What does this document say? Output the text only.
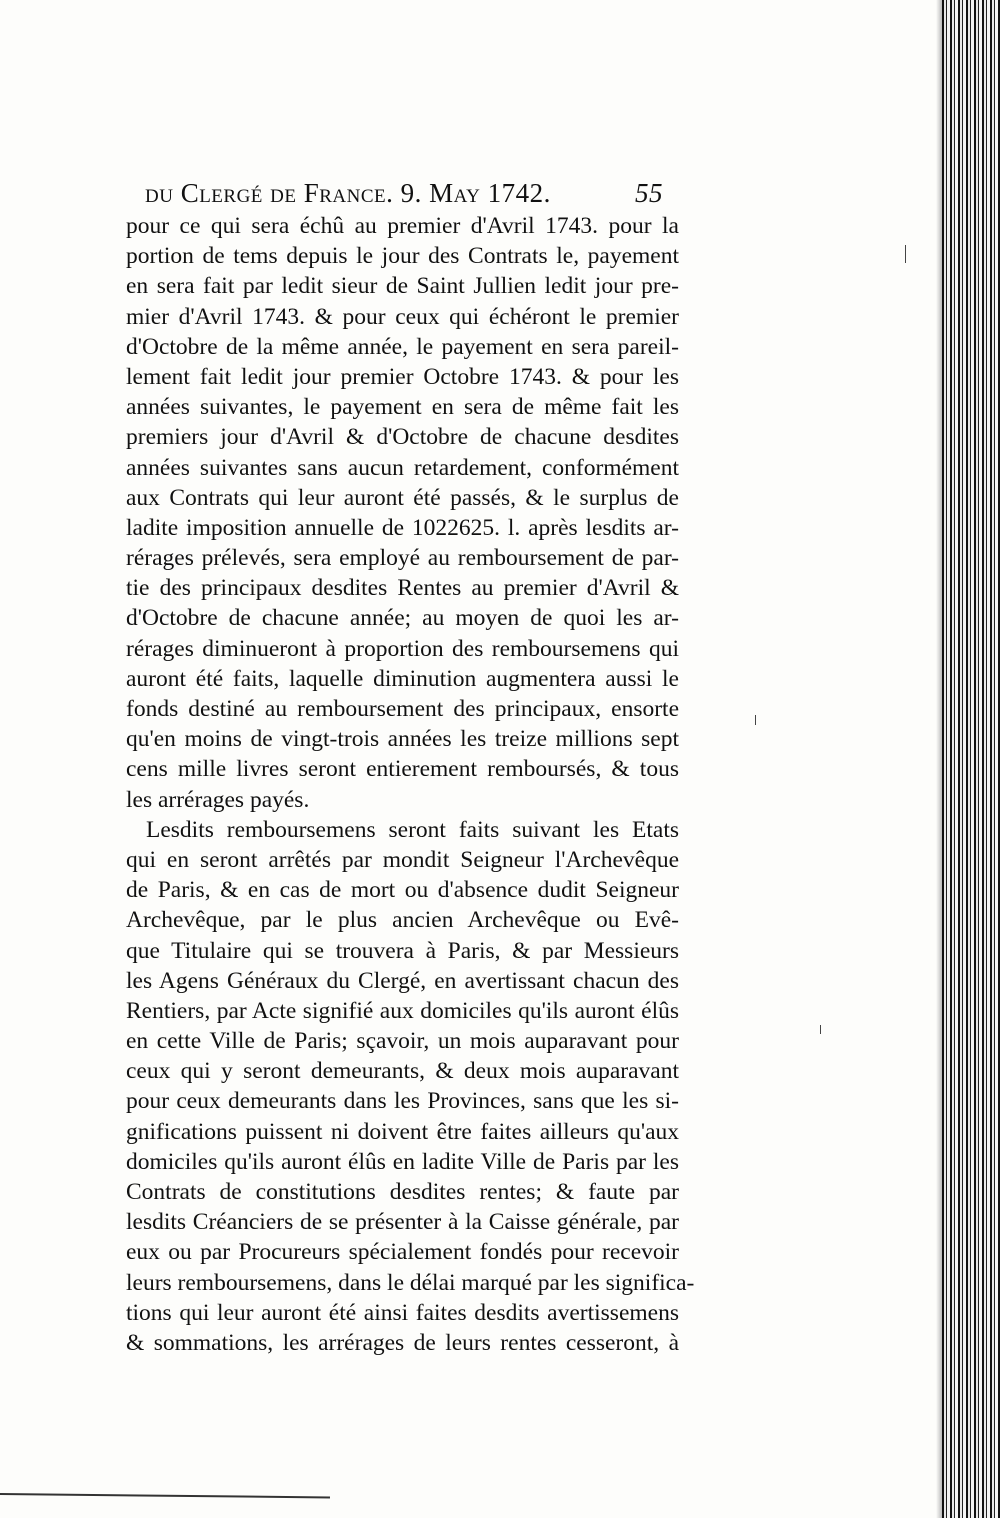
du Clergé de France. 9. May 1742.	55
pour ce qui sera échû au premier d'Avril 1743. pour la
portion de tems depuis le jour des Contrats le, payement
en sera fait par ledit sieur de Saint Jullien ledit jour pre-
mier d'Avril 1743. & pour ceux qui échéront le premier
d'Octobre de la même année, le payement en sera pareil-
lement fait ledit jour premier Octobre 1743. & pour les
années suivantes, le payement en sera de même fait les
premiers jour d'Avril & d'Octobre de chacune desdites
années suivantes sans aucun retardement, conformément
aux Contrats qui leur auront été passés, & le surplus de
ladite imposition annuelle de 1022625. l. après lesdits ar-
rérages prélevés, sera employé au remboursement de par-
tie des principaux desdites Rentes au premier d'Avril &
d'Octobre de chacune année; au moyen de quoi les ar-
rérages diminueront à proportion des remboursemens qui
auront été faits, laquelle diminution augmentera aussi le
fonds destiné au remboursement des principaux, ensorte
qu'en moins de vingt-trois années les treize millions sept
cens mille livres seront entierement remboursés, & tous
les arrérages payés.
Lesdits remboursemens seront faits suivant les Etats
qui en seront arrêtés par mondit Seigneur l'Archevêque
de Paris, & en cas de mort ou d'absence dudit Seigneur
Archevêque, par le plus ancien Archevêque ou Evê-
que Titulaire qui se trouvera à Paris, & par Messieurs
les Agens Généraux du Clergé, en avertissant chacun des
Rentiers, par Acte signifié aux domiciles qu'ils auront élûs
en cette Ville de Paris; sçavoir, un mois auparavant pour
ceux qui y seront demeurants, & deux mois auparavant
pour ceux demeurants dans les Provinces, sans que les si-
gnifications puissent ni doivent être faites ailleurs qu'aux
domiciles qu'ils auront élûs en ladite Ville de Paris par les
Contrats de constitutions desdites rentes; & faute par
lesdits Créanciers de se présenter à la Caisse générale, par
eux ou par Procureurs spécialement fondés pour recevoir
leurs remboursemens, dans le délai marqué par les significa-
tions qui leur auront été ainsi faites desdits avertissemens
& sommations, les arrérages de leurs rentes cesseront, à
